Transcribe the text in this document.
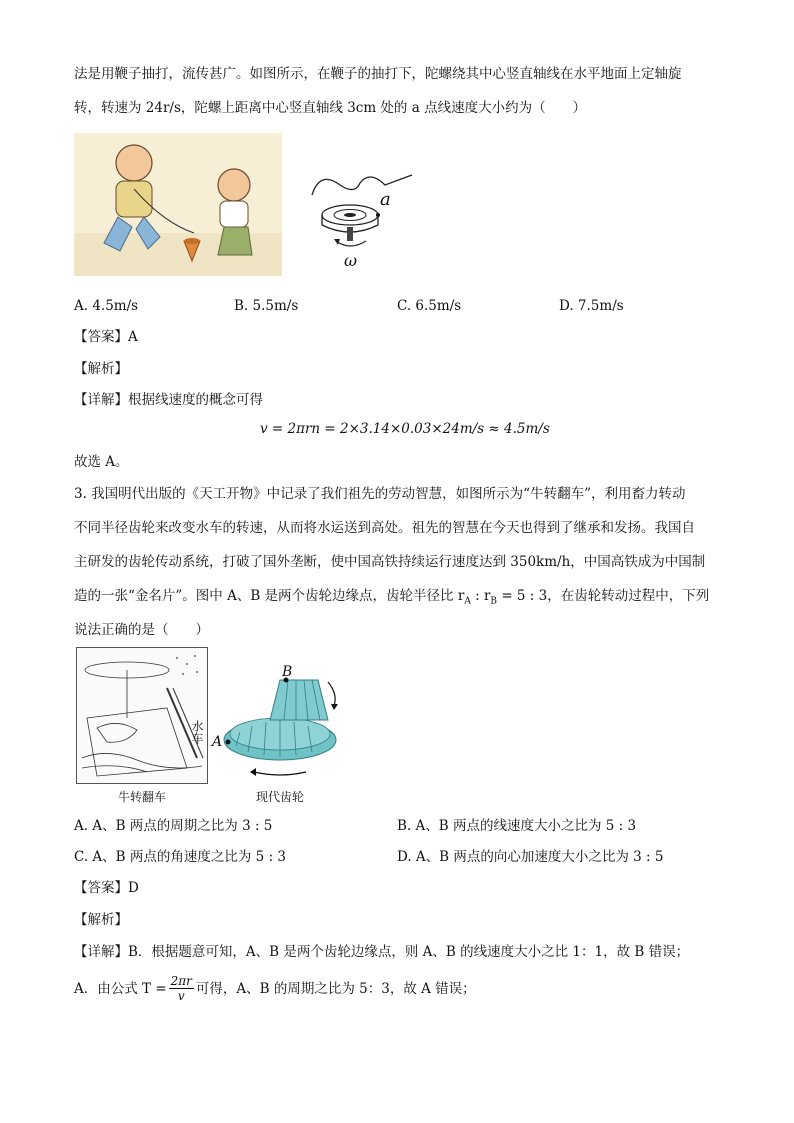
法是用鞭子抽打，流传甚广。如图所示，在鞭子的抽打下，陀螺绕其中心竖直轴线在水平地面上定轴旋
转，转速为 24r/s，陀螺上距离中心竖直轴线 3cm 处的 a 点线速度大小约为（　　）
a
ω
A. 4.5m/s	B. 5.5m/s	C. 6.5m/s	D. 7.5m/s
【答案】A
【解析】
【详解】根据线速度的概念可得
v = 2πrn = 2×3.14×0.03×24m/s ≈ 4.5m/s
故选 A。
3. 我国明代出版的《天工开物》中记录了我们祖先的劳动智慧，如图所示为“牛转翻车”，利用畜力转动
不同半径齿轮来改变水车的转速，从而将水运送到高处。祖先的智慧在今天也得到了继承和发扬。我国自
主研发的齿轮传动系统，打破了国外垄断，使中国高铁持续运行速度达到 350km/h，中国高铁成为中国制
造的一张“金名片”。图中 A、B 是两个齿轮边缘点，齿轮半径比 $r_A$ : $r_B = 5$ : 3，在齿轮转动过程中，下列
说法正确的是（　　）
水车
牛转翻车
B
A
现代齿轮
A. A、B 两点的周期之比为 3 : 5	B. A、B 两点的线速度大小之比为 5 : 3
C. A、B 两点的角速度之比为 5 : 3	D. A、B 两点的向心加速度大小之比为 3 : 5
【答案】D
【解析】
【详解】B．根据题意可知，A、B 是两个齿轮边缘点，则 A、B 的线速度大小之比 1：1，故 B 错误；
A．由公式 $T = \frac{2\pi r}{v}$ 可得，A、B 的周期之比为 5：3，故 A 错误；
